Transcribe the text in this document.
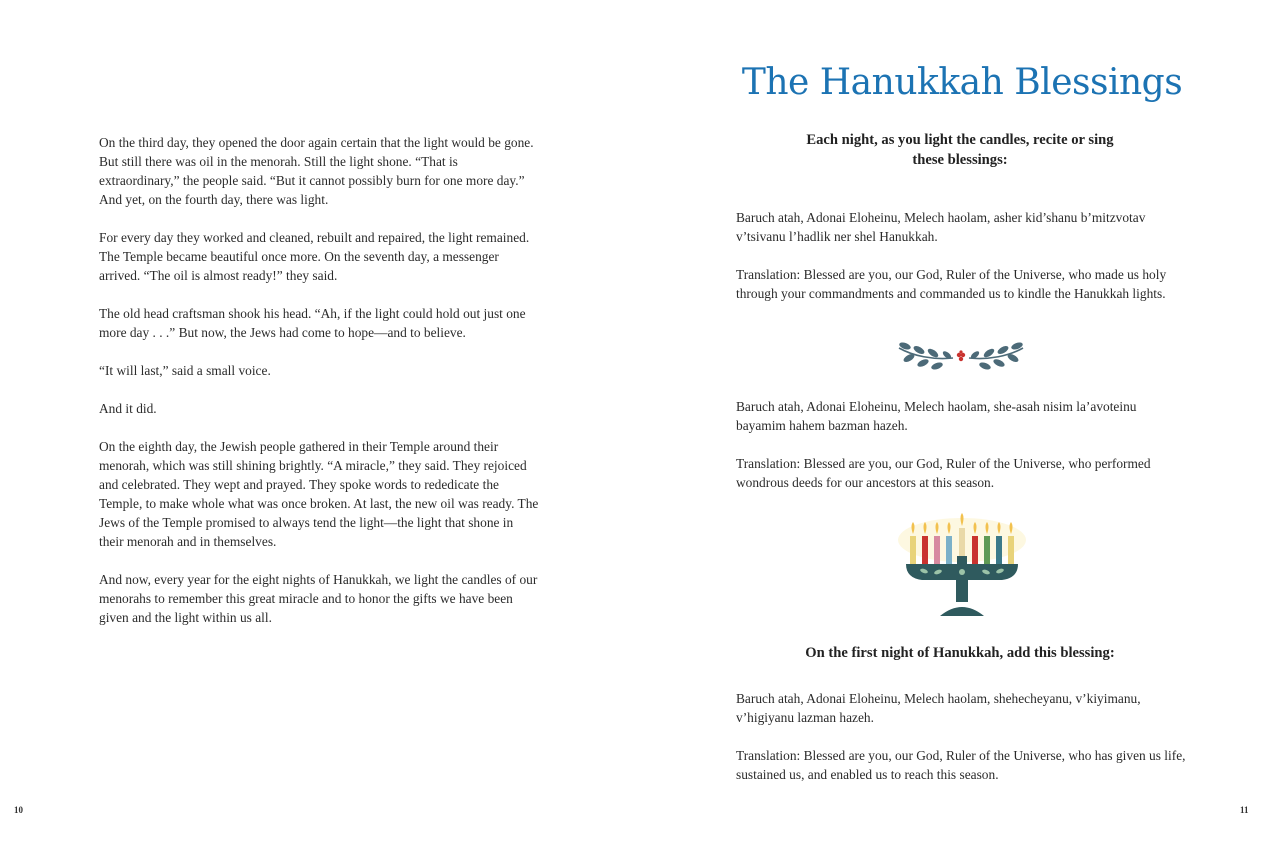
On the third day, they opened the door again certain that the light would be gone. But still there was oil in the menorah. Still the light shone. “That is extraordinary,” the people said. “But it cannot possibly burn for one more day.” And yet, on the fourth day, there was light.

For every day they worked and cleaned, rebuilt and repaired, the light remained. The Temple became beautiful once more. On the seventh day, a messenger arrived. “The oil is almost ready!” they said.

The old head craftsman shook his head. “Ah, if the light could hold out just one more day . . .” But now, the Jews had come to hope—and to believe.

“It will last,” said a small voice.

And it did.

On the eighth day, the Jewish people gathered in their Temple around their menorah, which was still shining brightly. “A miracle,” they said. They rejoiced and celebrated. They wept and prayed. They spoke words to rededicate the Temple, to make whole what was once broken. At last, the new oil was ready. The Jews of the Temple promised to always tend the light—the light that shone in their menorah and in themselves.

And now, every year for the eight nights of Hanukkah, we light the candles of our menorahs to remember this great miracle and to honor the gifts we have been given and the light within us all.

10
The Hanukkah Blessings
Each night, as you light the candles, recite or sing
these blessings:
11

Baruch atah, Adonai Eloheinu, Melech haolam, asher kid’shanu b’mitzvotav v’tsivanu l’hadlik ner shel Hanukkah.

Translation: Blessed are you, our God, Ruler of the Universe, who made us holy through your commandments and commanded us to kindle the Hanukkah lights.

Baruch atah, Adonai Eloheinu, Melech haolam, she-asah nisim la’avoteinu bayamim hahem bazman hazeh.

Translation: Blessed are you, our God, Ruler of the Universe, who performed wondrous deeds for our ancestors at this season.

On the first night of Hanukkah, add this blessing:

Baruch atah, Adonai Eloheinu, Melech haolam, shehecheyanu, v’kiyimanu, v’higiyanu lazman hazeh.

Translation: Blessed are you, our God, Ruler of the Universe, who has given us life, sustained us, and enabled us to reach this season.
